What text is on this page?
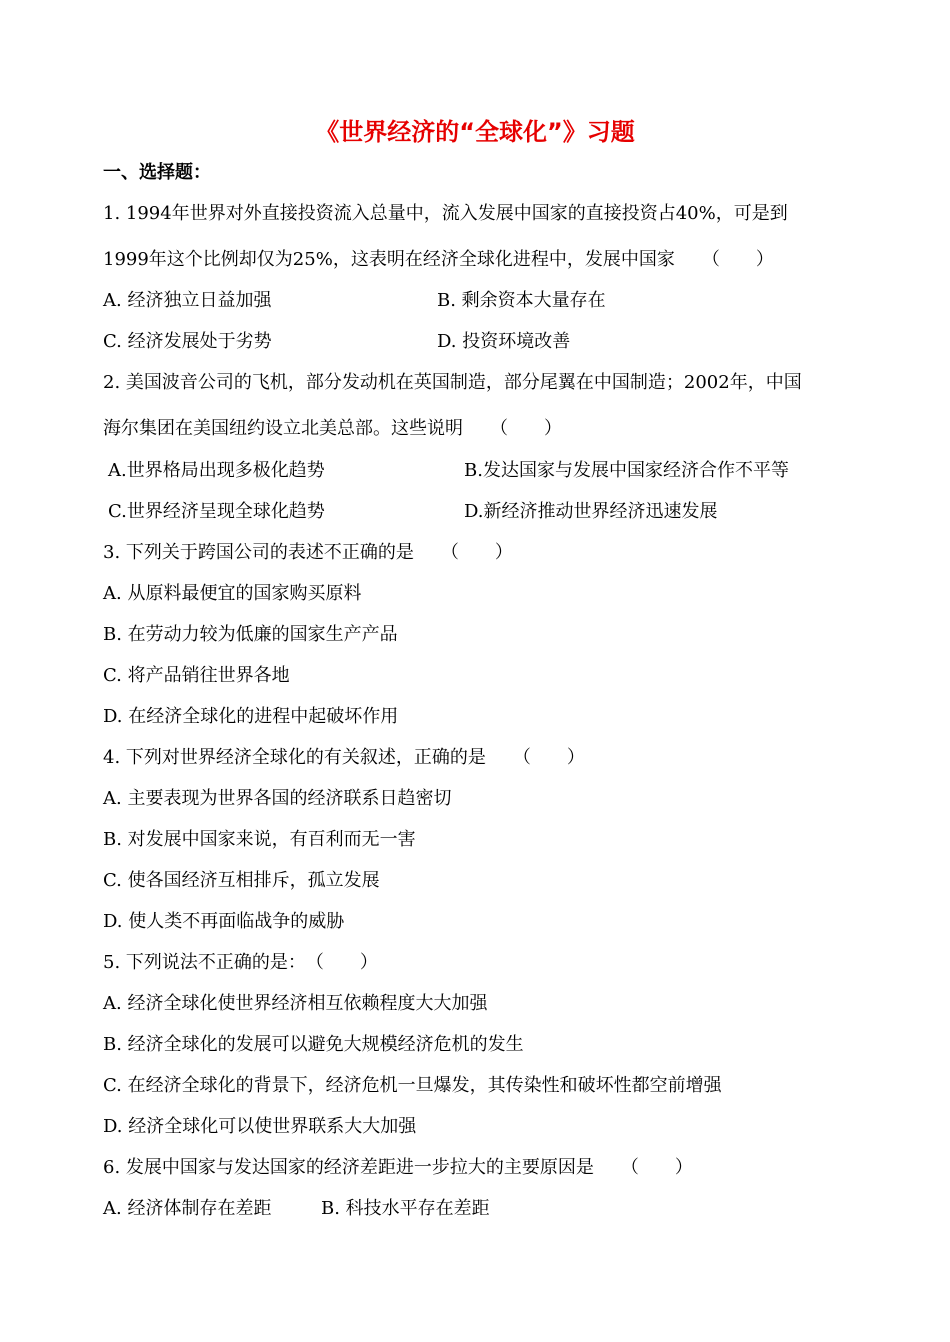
《世界经济的“全球化”》习题
一、选择题：
1. 1994年世界对外直接投资流入总量中，流入发展中国家的直接投资占40%，可是到
1999年这个比例却仅为25%，这表明在经济全球化进程中，发展中国家　　（　　）
A. 经济独立日益加强	B. 剩余资本大量存在
C. 经济发展处于劣势	D. 投资环境改善
2. 美国波音公司的飞机，部分发动机在英国制造，部分尾翼在中国制造；2002年，中国
海尔集团在美国纽约设立北美总部。这些说明　　（　　）
A.世界格局出现多极化趋势	B.发达国家与发展中国家经济合作不平等
C.世界经济呈现全球化趋势	D.新经济推动世界经济迅速发展
3. 下列关于跨国公司的表述不正确的是　　（　　）
A. 从原料最便宜的国家购买原料
B. 在劳动力较为低廉的国家生产产品
C. 将产品销往世界各地
D. 在经济全球化的进程中起破坏作用
4. 下列对世界经济全球化的有关叙述，正确的是　　（　　）
A. 主要表现为世界各国的经济联系日趋密切
B. 对发展中国家来说，有百利而无一害
C. 使各国经济互相排斥，孤立发展
D. 使人类不再面临战争的威胁
5. 下列说法不正确的是：　（　　）
A. 经济全球化使世界经济相互依赖程度大大加强
B. 经济全球化的发展可以避免大规模经济危机的发生
C. 在经济全球化的背景下，经济危机一旦爆发，其传染性和破坏性都空前增强
D. 经济全球化可以使世界联系大大加强
6. 发展中国家与发达国家的经济差距进一步拉大的主要原因是　　（　　）
A. 经济体制存在差距	B. 科技水平存在差距
